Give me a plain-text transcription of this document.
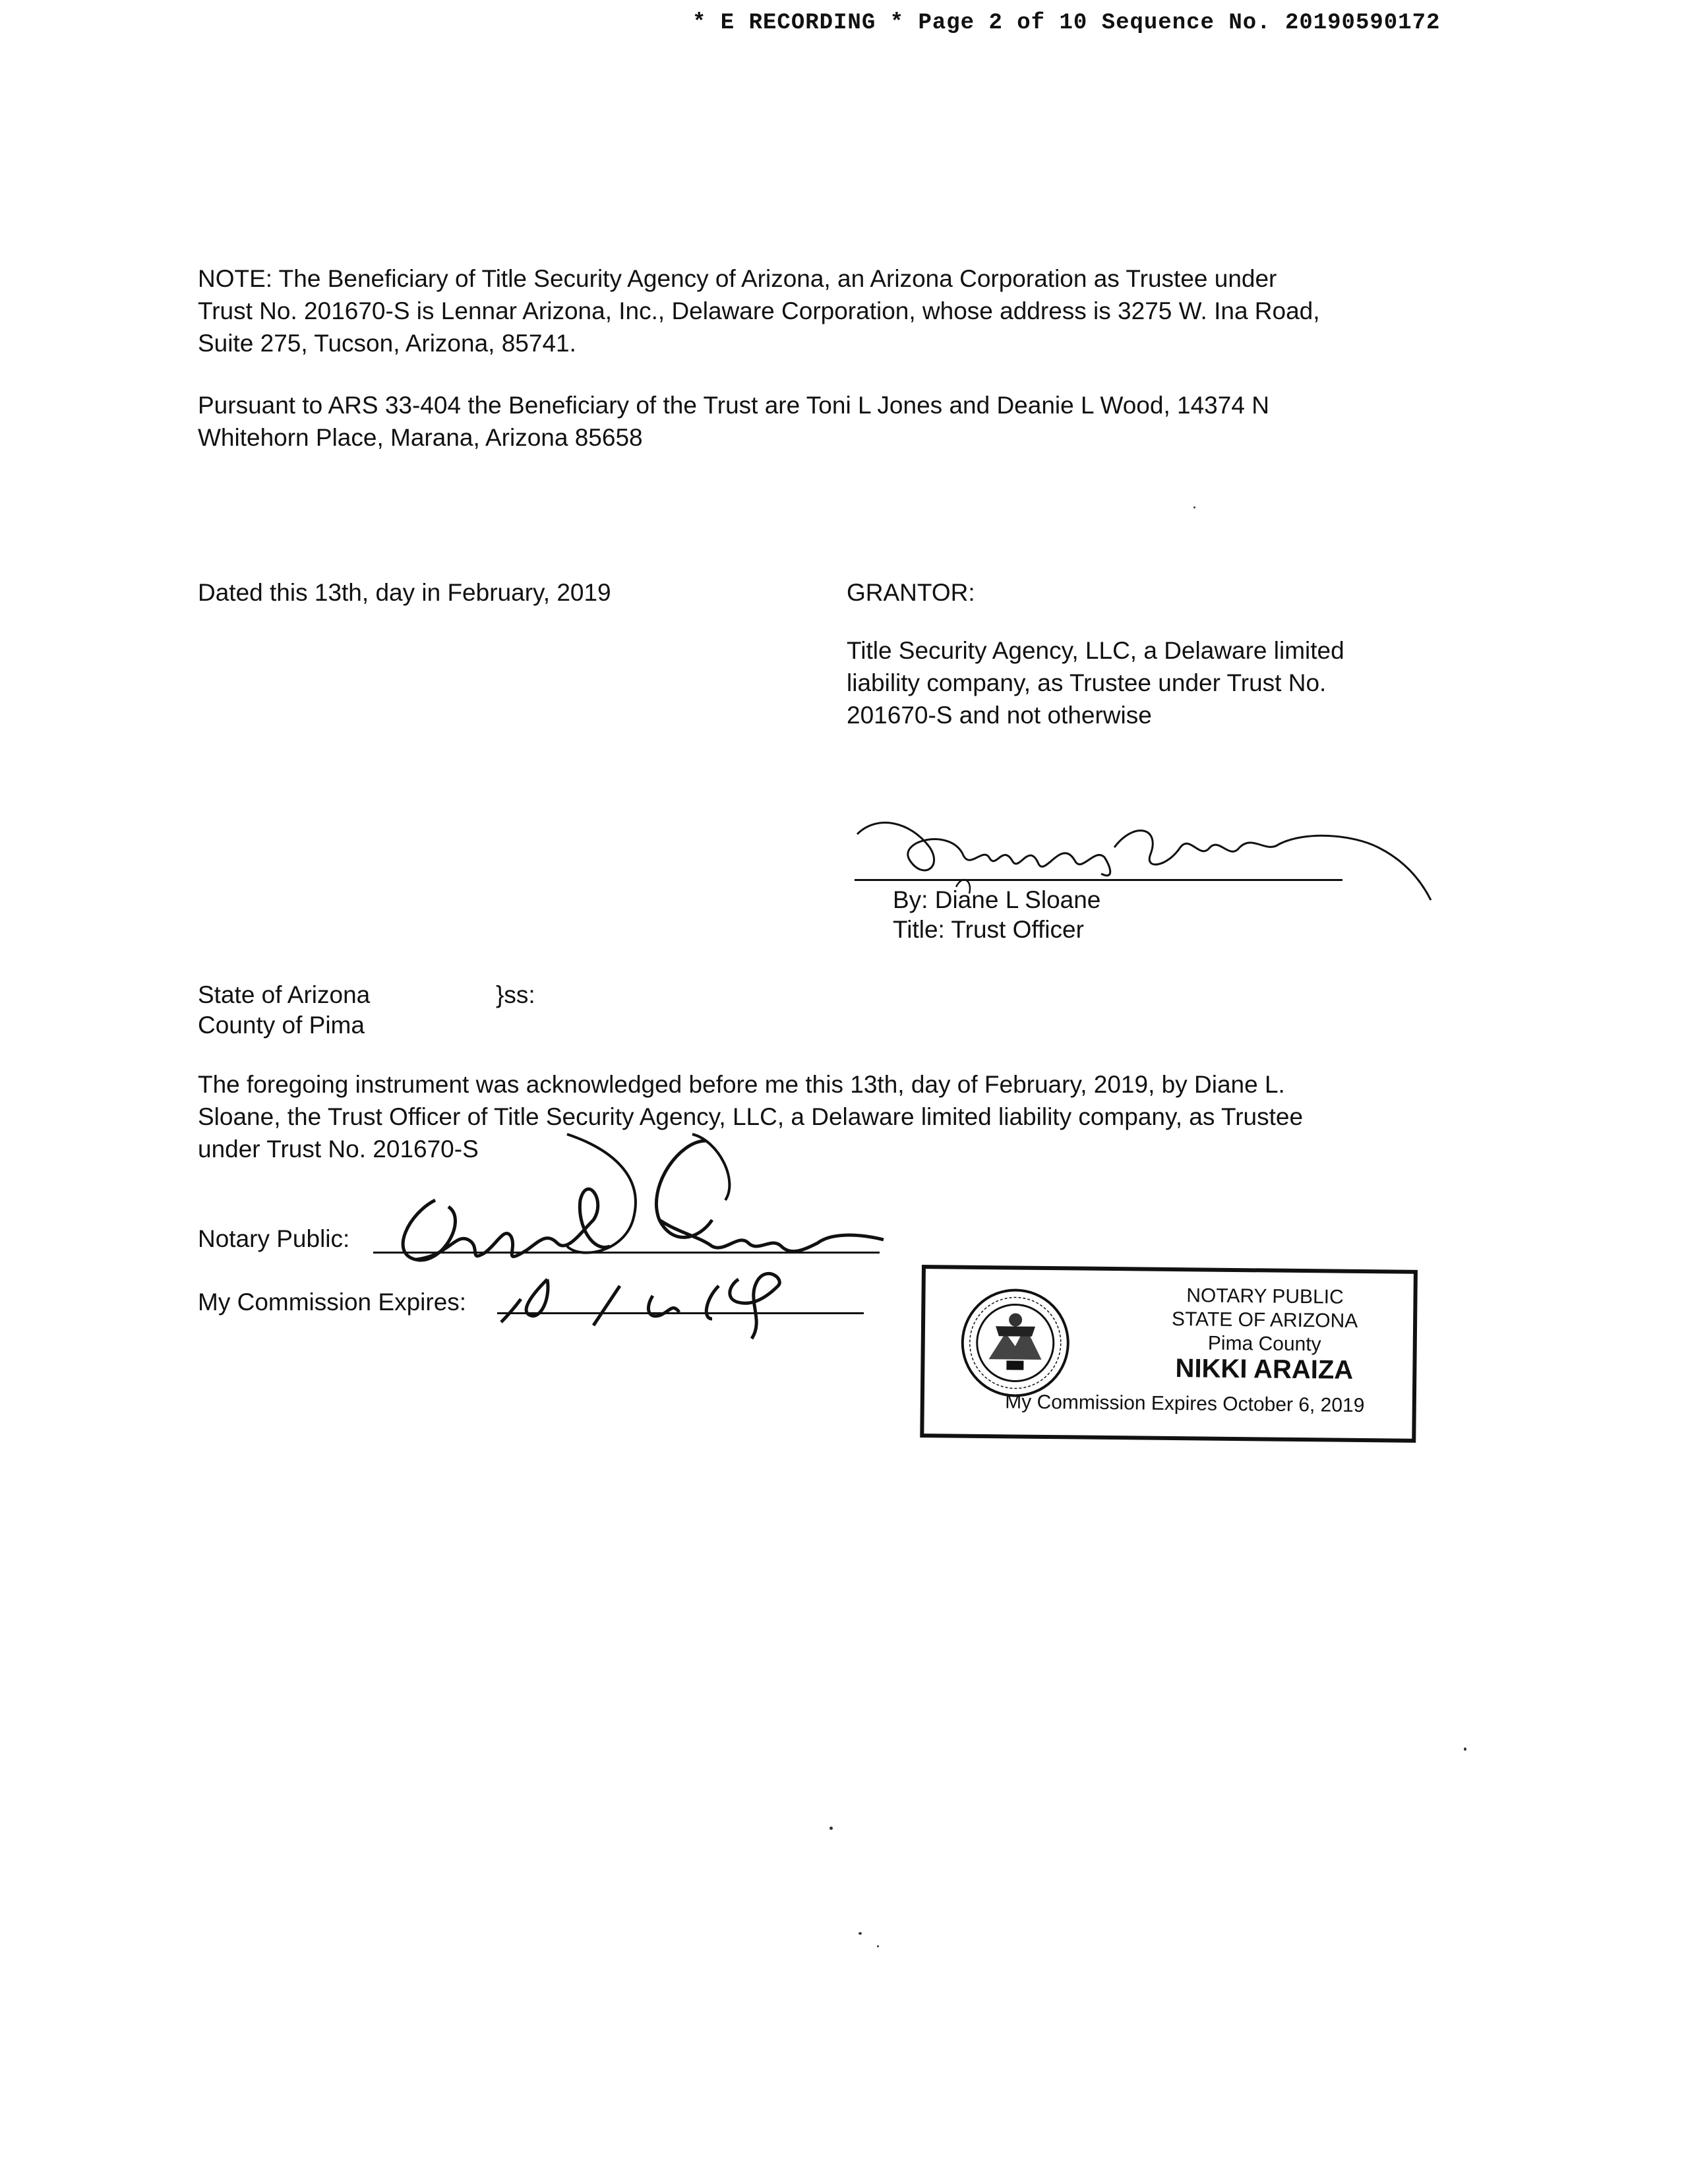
* E RECORDING * Page 2 of 10 Sequence No. 20190590172
NOTE: The Beneficiary of Title Security Agency of Arizona, an Arizona Corporation as Trustee under
Trust No. 201670-S is Lennar Arizona, Inc., Delaware Corporation, whose address is 3275 W. Ina Road,
Suite 275, Tucson, Arizona, 85741.
Pursuant to ARS 33-404 the Beneficiary of the Trust are Toni L Jones and Deanie L Wood, 14374 N
Whitehorn Place, Marana, Arizona 85658
Dated this 13th, day in February, 2019	GRANTOR:
Title Security Agency, LLC, a Delaware limited
liability company, as Trustee under Trust No.
201670-S and not otherwise
By: Diane L Sloane
Title: Trust Officer
State of Arizona
County of Pima
}ss:
The foregoing instrument was acknowledged before me this 13th, day of February, 2019, by Diane L.
Sloane, the Trust Officer of Title Security Agency, LLC, a Delaware limited liability company, as Trustee
under Trust No. 201670-S
Notary Public:
My Commission Expires:	NOTARY PUBLIC
STATE OF ARIZONA
Pima County
NIKKI ARAIZA
My Commission Expires October 6, 2019
